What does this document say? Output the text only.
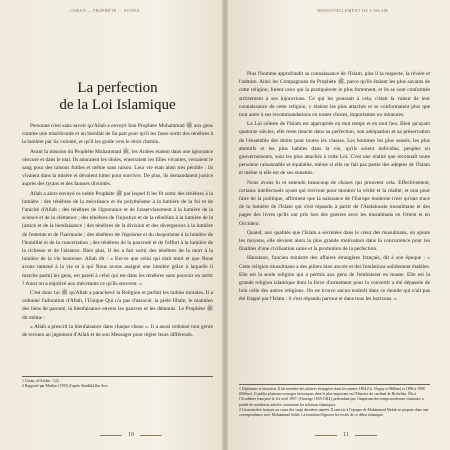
CORAN — PROPHÈTE — SUNNA
La perfection
de la Loi Islamique

Personne n'est sans savoir qu'Allah a envoyé Son Prophète Muhammad ﷺ aux gens comme une miséricorde et un bienfait de Sa part pour qu'il les fasse sortir des ténèbres à la lumière par Sa volonté, et qu'il les guide vers le droit chemin.

Avant la mission du Prophète Muhammad ﷺ, les Arabes étaient dans une ignorance obscure et dans le mal. Ils adoraient les idoles, enterraient les filles vivantes, versaient le sang pour des raisons futiles et même sans raison. Leur vie était ainsi très pénible : ils vivaient dans la misère et devaient lutter pour survivre. De plus, ils demandaient justice auprès des tyrans et des fausses divinités.

Allah a alors envoyé ce noble Prophète ﷺ par lequel Il les fit sortir des ténèbres à la lumière : des ténèbres de la mécréance et du polythéisme à la lumière de la foi et de l'unicité d'Allah ; des ténèbres de l'ignorance et de l'asservissement à la lumière de la science et de la clémence ; des ténèbres de l'injustice et de la rébellion à la lumière de la justice et de la bienfaisance ; des ténèbres de la division et des divergences à la lumière de l'entente et de l'harmonie ; des ténèbres de l'égoïsme et du despotisme à la lumière de l'humilité et de la concertation ; des ténèbres de la pauvreté et de l'effort à la lumière de la richesse et de l'aisance. Bien plus, Il les a fait sortir des ténèbres de la mort à la lumière de la vie heureuse. Allah dit : « Est-ce que celui qui était mort et que Nous avons ramené à la vie et à qui Nous avons assigné une lumière grâce à laquelle il marche parmi les gens, est pareil à celui qui est dans les ténèbres sans pouvoir en sortir ? Ainsi on a enjolivé aux mécréants ce qu'ils œuvrent. »

C'est donc lui ﷺ qu'Allah a parachevé la Religion et parfait les nobles morales. Il a ordonné l'adoration d'Allah, l'Unique Qui n'a pas d'associé, la piété filiale, le maintien des liens de parenté, la bienfaisance envers les pauvres et les démunis. Le Prophète ﷺ dit même :

« Allah a prescrit la bienfaisance dans chaque chose ». Il a aussi ordonné tout genre de recours au jugement d'Allah et de son Messager pour régler leurs différends.

1 Coran, al-An'âm : 122.
2 Rapporté par Muslim (1955) d'après Shaddâd Ibn Aws.
10
RENOUVELLEMENT DE L'ISLAM

Plus l'homme approfondit sa connaissance de l'Islam, plus il la respecte, la révère et l'admire. Ainsi les Compagnons du Prophète ﷺ, parce qu'ils étaient les plus savants de cette religion, furent ceux qui la pratiquèrent le plus fortement, et ils se sont conformés strictement à ses injonctions. Ce qui les poussait à cela, c'était la valeur de leur connaissance de cette religion, y étaient les plus attachés et se conformaient plus que tout autre à ses recommandations en toutes choses, importantes ou mineures.

La Loi céleste de l'Islam est appropriée en tout temps et en tout lieu. Bien qu'ayant quatorze siècles, elle reste intacte dans sa perfection, son adéquation et sa préservation de l'ensemble des droits pour toutes les classes. Les hommes les plus sensés, les plus attentifs et les plus habiles dans la vie, qu'ils soient individus, peuples ou gouvernements, sont les plus attachés à cette Loi. C'est une réalité que reconnaît toute personne raisonnable et équitable, même si elle ne fait pas partie des adeptes de l'Islam et même si elle est de ses ennemis.

Nous avons lu et entendu beaucoup de choses qui prouvent cela. Effectivement, certains intellectuels ayant qui écrivent pour montrer la vérité et la réalité, et non pour faire de la politique, affirment que la naissance de l'Europe moderne n'est qu'une trace de la lumière de l'Islam qui s'est répandu à partir de l'Andalousie musulmane et des pages des livres qu'ils ont pris lors des guerres avec les musulmans en Orient et en Occident.

Quand, aux qualités que l'Islam a sécrétées dans le cœur des musulmans, on ajoute les moyens, elle devient alors la plus grande motivation dans la concurrence pour les finalités d'une civilisation saine et la promotion de la perfection.

Hanotaux, l'ancien ministre des affaires étrangères français, dit à son époque : « Cette religion musulmane a des piliers bien ancrés et des fondations solidement établies. Elle est la seule religion qui a permis aux gens de l'embrasser en masse. Elle est la grande religion islamique dont la force d'armement pour la convertir a été dépassée de loin celle des autres religions. On ne trouve aucun endroit dans ce monde qui n'ait pas été frappé par l'Islam : il s'est répandu partout et dans tous les horizons. »

1 Diplomate et historien. Il fut membre des affaires étrangères dans les années 1894 (Gr. Dupuy et Méline) et 1896 à 1898 (Méline). Il publia plusieurs ouvrages historiques dont le plus important est l'Histoire du cardinal de Richelieu. Élu à l'Académie française le 1er avril 1897. (Ouvrage 1853-1944), prétendant que l'imperium des temps modernes s'annonce a publié de nombreux articles concernant les relations islamiques.
2 Un ministère français au cours des vingt dernières années. Il renvoie à l'époque de Muhammad Abduh se propose dans une correspondance avec Mohammad Saleh. La tentation d'ignorer les textes de ce débat islamique.
11
